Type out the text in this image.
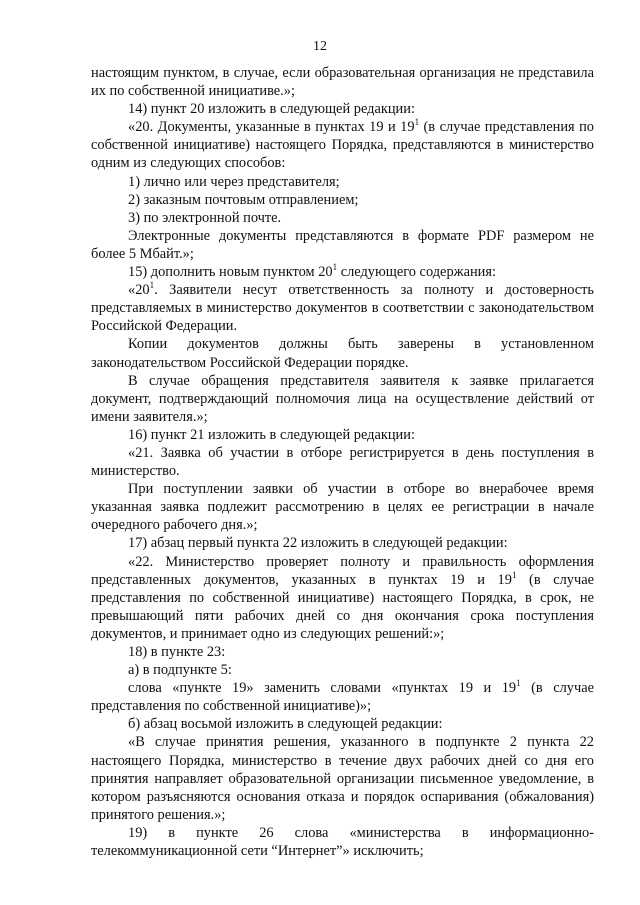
12

настоящим пунктом, в случае, если образовательная организация не представила их по собственной инициативе.»;

14) пункт 20 изложить в следующей редакции:

«20. Документы, указанные в пунктах 19 и $19^1$ (в случае представления по собственной инициативе) настоящего Порядка, представляются в министерство одним из следующих способов:

1) лично или через представителя;

2) заказным почтовым отправлением;

3) по электронной почте.

Электронные документы представляются в формате PDF размером не более 5 Мбайт.»;

15) дополнить новым пунктом $20^1$ следующего содержания:

«$20^1$. Заявители несут ответственность за полноту и достоверность представляемых в министерство документов в соответствии с законодательством Российской Федерации.

Копии документов должны быть заверены в установленном законодательством Российской Федерации порядке.

В случае обращения представителя заявителя к заявке прилагается документ, подтверждающий полномочия лица на осуществление действий от имени заявителя.»;

16) пункт 21 изложить в следующей редакции:

«21. Заявка об участии в отборе регистрируется в день поступления в министерство.

При поступлении заявки об участии в отборе во внерабочее время указанная заявка подлежит рассмотрению в целях ее регистрации в начале очередного рабочего дня.»;

17) абзац первый пункта 22 изложить в следующей редакции:

«22. Министерство проверяет полноту и правильность оформления представленных документов, указанных в пунктах 19 и $19^1$ (в случае представления по собственной инициативе) настоящего Порядка, в срок, не превышающий пяти рабочих дней со дня окончания срока поступления документов, и принимает одно из следующих решений:»;

18) в пункте 23:

а) в подпункте 5:

слова «пункте 19» заменить словами «пунктах 19 и $19^1$ (в случае представления по собственной инициативе)»;

б) абзац восьмой изложить в следующей редакции:

«В случае принятия решения, указанного в подпункте 2 пункта 22 настоящего Порядка, министерство в течение двух рабочих дней со дня его принятия направляет образовательной организации письменное уведомление, в котором разъясняются основания отказа и порядок оспаривания (обжалования) принятого решения.»;

19) в пункте 26 слова «министерства в информационно-телекоммуникационной сети “Интернет”» исключить;
